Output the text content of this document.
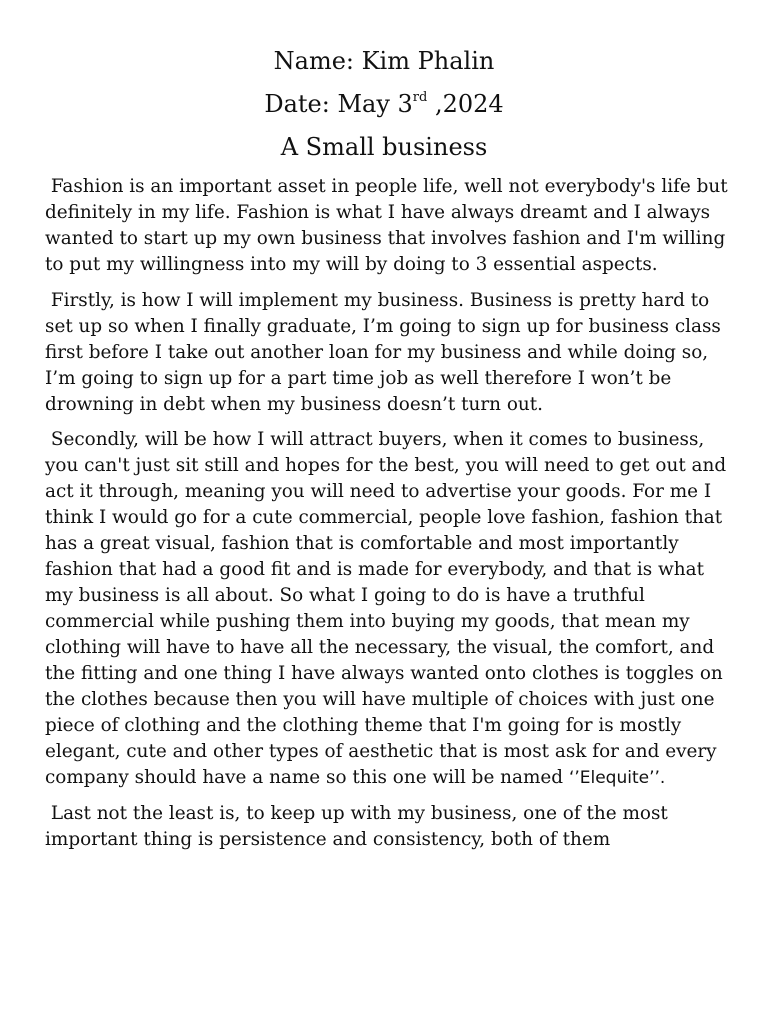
Name: Kim Phalin

Date: May 3rd ,2024

A Small business

Fashion is an important asset in people life, well not everybody's life but definitely in my life. Fashion is what I have always dreamt and I always wanted to start up my own business that involves fashion and I'm willing to put my willingness into my will by doing to 3 essential aspects.

Firstly, is how I will implement my business. Business is pretty hard to set up so when I finally graduate, I’m going to sign up for business class first before I take out another loan for my business and while doing so, I’m going to sign up for a part time job as well therefore I won’t be drowning in debt when my business doesn’t turn out.

Secondly, will be how I will attract buyers, when it comes to business, you can't just sit still and hopes for the best, you will need to get out and act it through, meaning you will need to advertise your goods. For me I think I would go for a cute commercial, people love fashion, fashion that has a great visual, fashion that is comfortable and most importantly fashion that had a good fit and is made for everybody, and that is what my business is all about. So what I going to do is have a truthful commercial while pushing them into buying my goods, that mean my clothing will have to have all the necessary, the visual, the comfort, and the fitting and one thing I have always wanted onto clothes is toggles on the clothes because then you will have multiple of choices with just one piece of clothing and the clothing theme that I'm going for is mostly elegant, cute and other types of aesthetic that is most ask for and every company should have a name so this one will be named ‘’Elequite’’.

Last not the least is, to keep up with my business, one of the most important thing is persistence and consistency, both of them
